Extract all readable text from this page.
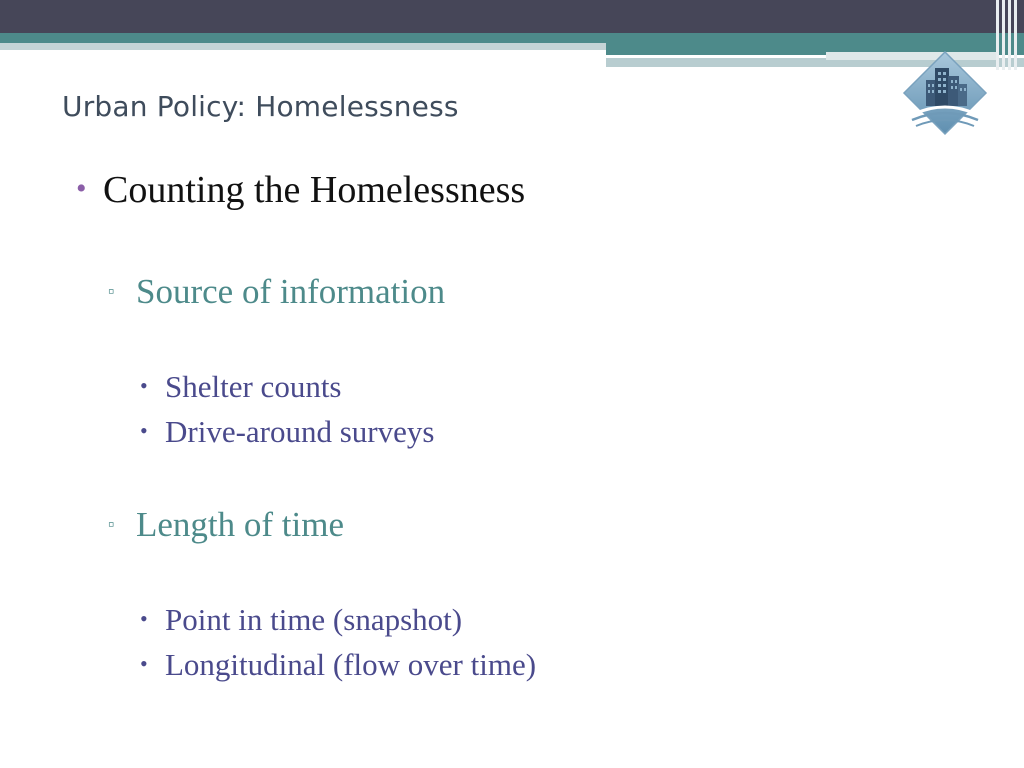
Urban Policy: Homelessness
• Counting the Homelessness
▫ Source of information
• Shelter counts
• Drive-around surveys
▫ Length of time
• Point in time (snapshot)
• Longitudinal (flow over time)
